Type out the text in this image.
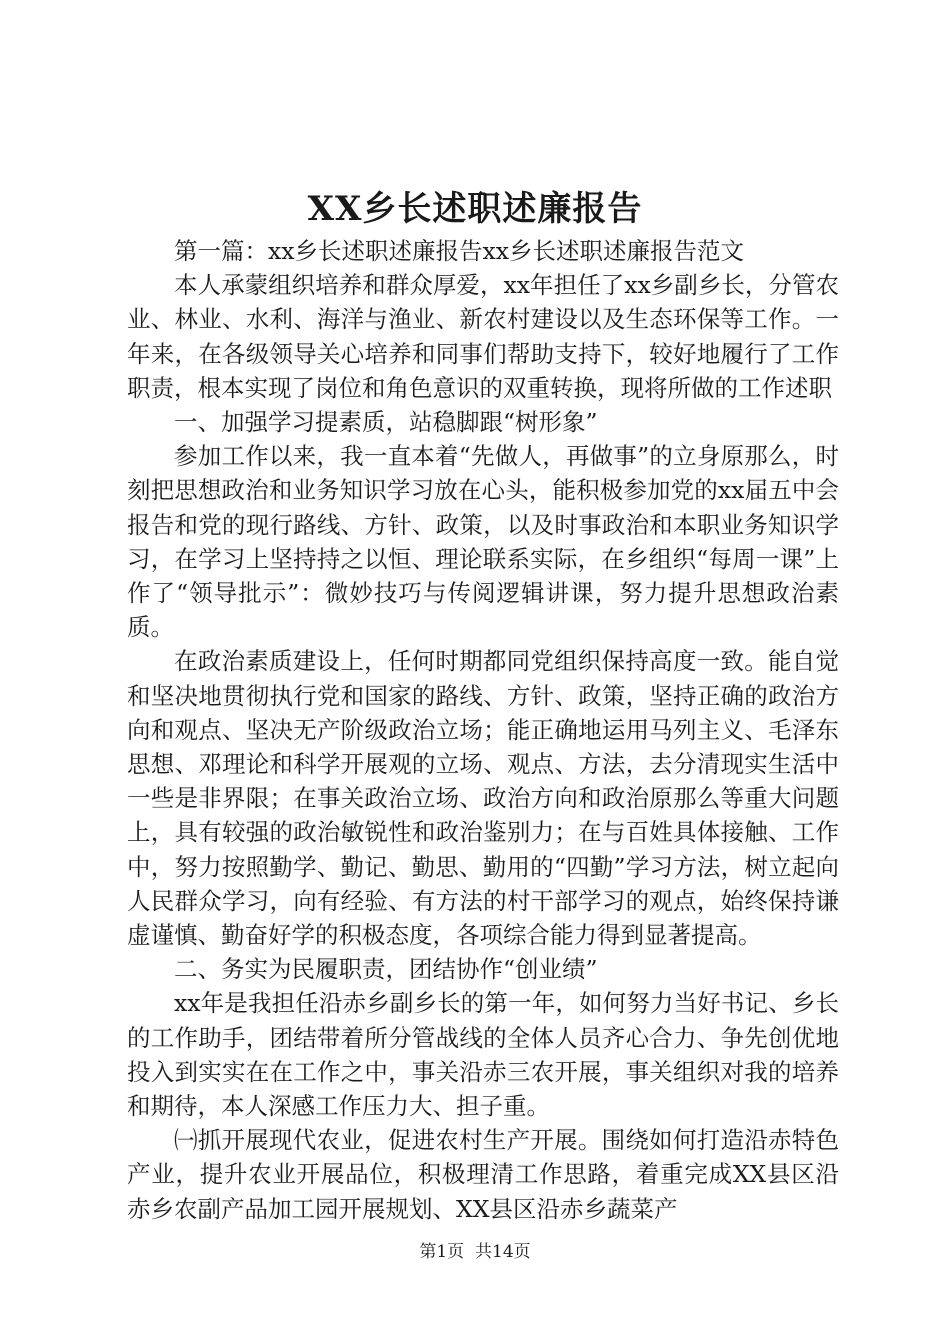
XX乡长述职述廉报告

第一篇：xx乡长述职述廉报告xx乡长述职述廉报告范文

本人承蒙组织培养和群众厚爱，xx年担任了xx乡副乡长，分管农业、林业、水利、海洋与渔业、新农村建设以及生态环保等工作。一年来，在各级领导关心培养和同事们帮助支持下，较好地履行了工作职责，根本实现了岗位和角色意识的双重转换，现将所做的工作述职

一、加强学习提素质，站稳脚跟“树形象”

参加工作以来，我一直本着“先做人，再做事”的立身原那么，时刻把思想政治和业务知识学习放在心头，能积极参加党的xx届五中会报告和党的现行路线、方针、政策，以及时事政治和本职业务知识学习，在学习上坚持持之以恒、理论联系实际，在乡组织“每周一课”上作了“领导批示”：微妙技巧与传阅逻辑讲课，努力提升思想政治素质。

在政治素质建设上，任何时期都同党组织保持高度一致。能自觉和坚决地贯彻执行党和国家的路线、方针、政策，坚持正确的政治方向和观点、坚决无产阶级政治立场；能正确地运用马列主义、毛泽东思想、邓理论和科学开展观的立场、观点、方法，去分清现实生活中一些是非界限；在事关政治立场、政治方向和政治原那么等重大问题上，具有较强的政治敏锐性和政治鉴别力；在与百姓具体接触、工作中，努力按照勤学、勤记、勤思、勤用的“四勤”学习方法，树立起向人民群众学习，向有经验、有方法的村干部学习的观点，始终保持谦虚谨慎、勤奋好学的积极态度，各项综合能力得到显著提高。

二、务实为民履职责，团结协作“创业绩”

xx年是我担任沿赤乡副乡长的第一年，如何努力当好书记、乡长的工作助手，团结带着所分管战线的全体人员齐心合力、争先创优地投入到实实在在工作之中，事关沿赤三农开展，事关组织对我的培养和期待，本人深感工作压力大、担子重。

㈠抓开展现代农业，促进农村生产开展。围绕如何打造沿赤特色产业，提升农业开展品位，积极理清工作思路，着重完成XX县区沿赤乡农副产品加工园开展规划、XX县区沿赤乡蔬菜产

第1页 共14页
